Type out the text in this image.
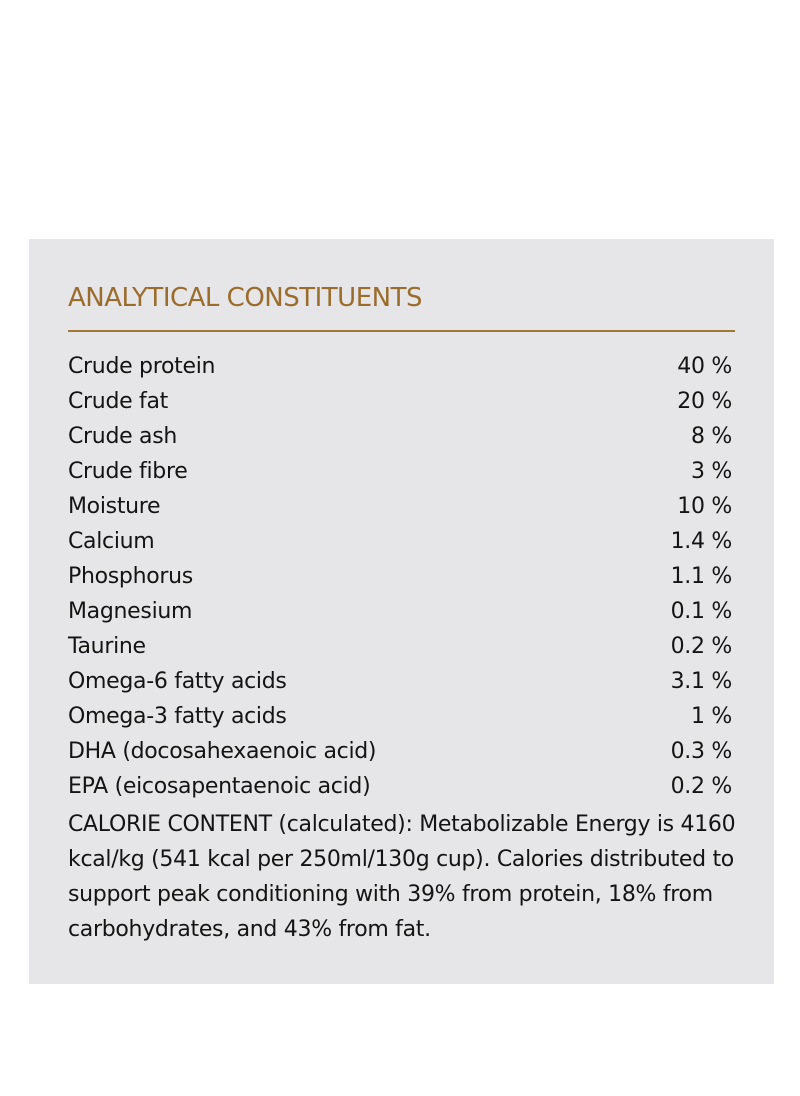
ANALYTICAL CONSTITUENTS
Crude protein	40 %
Crude fat	20 %
Crude ash	8 %
Crude fibre	3 %
Moisture	10 %
Calcium	1.4 %
Phosphorus	1.1 %
Magnesium	0.1 %
Taurine	0.2 %
Omega-6 fatty acids	3.1 %
Omega-3 fatty acids	1 %
DHA (docosahexaenoic acid)	0.3 %
EPA (eicosapentaenoic acid)	0.2 %

CALORIE CONTENT (calculated): Metabolizable Energy is 4160 kcal/kg (541 kcal per 250ml/130g cup). Calories distributed to support peak conditioning with 39% from protein, 18% from carbohydrates, and 43% from fat.
